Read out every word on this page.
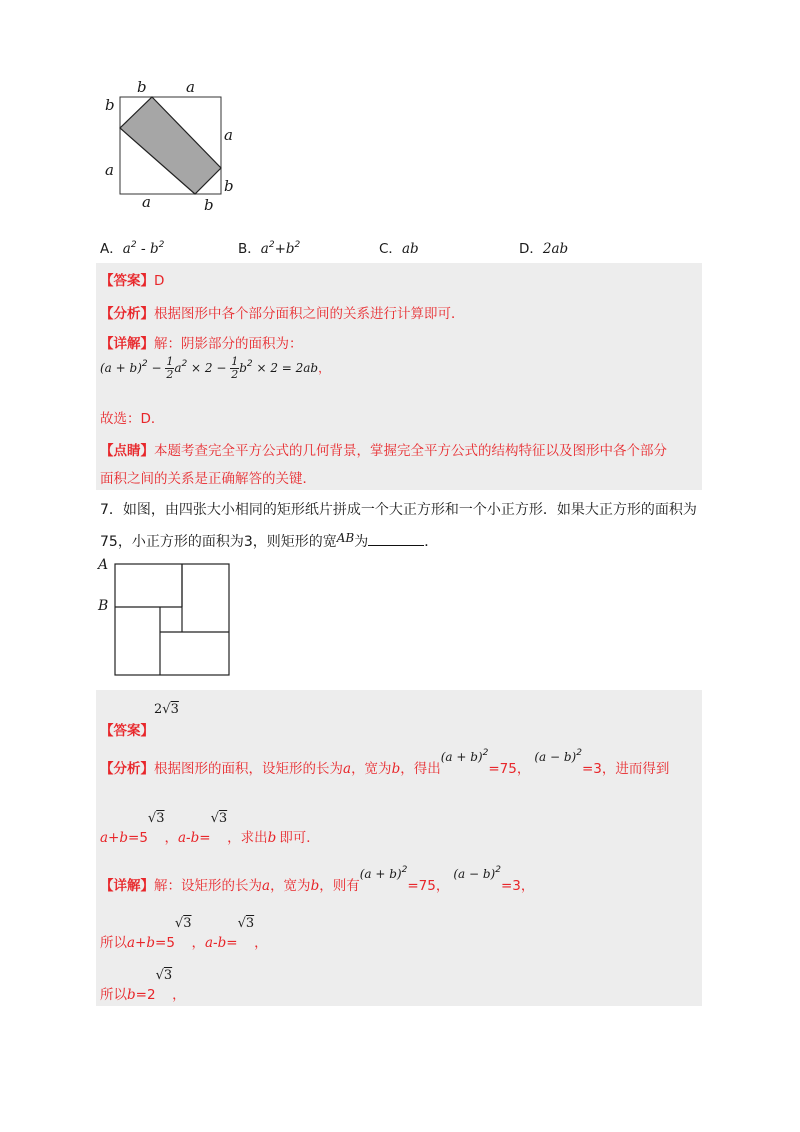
b	a
b
a
a
b
a	b
A．$a^2 - b^2$	B．$a^2+b^2$	C．ab	D．2ab
【答案】D
【分析】根据图形中各个部分面积之间的关系进行计算即可．
【详解】解：阴影部分的面积为：
$(a + b)^2 - \frac{1}{2} a^2 \times 2 - \frac{1}{2} b^2 \times 2 = 2ab$，
故选：D．
【点睛】本题考查完全平方公式的几何背景，掌握完全平方公式的结构特征以及图形中各个部分
面积之间的关系是正确解答的关键．
7．如图，由四张大小相同的矩形纸片拼成一个大正方形和一个小正方形．如果大正方形的面积为
75，小正方形的面积为3，则矩形的宽AB为	．
A
B
【答案】2√3
【分析】根据图形的面积，设矩形的长为a，宽为b，得出$(a + b)^2=75$，$(a - b)^2=3$，进而得到
a+b=5√3，a-b=√3，求出b 即可．
【详解】解：设矩形的长为a，宽为b，则有$(a + b)^2=75$，$(a - b)^2=3$，
所以a+b=5√3，a-b=√3，
所以b=2√3，
